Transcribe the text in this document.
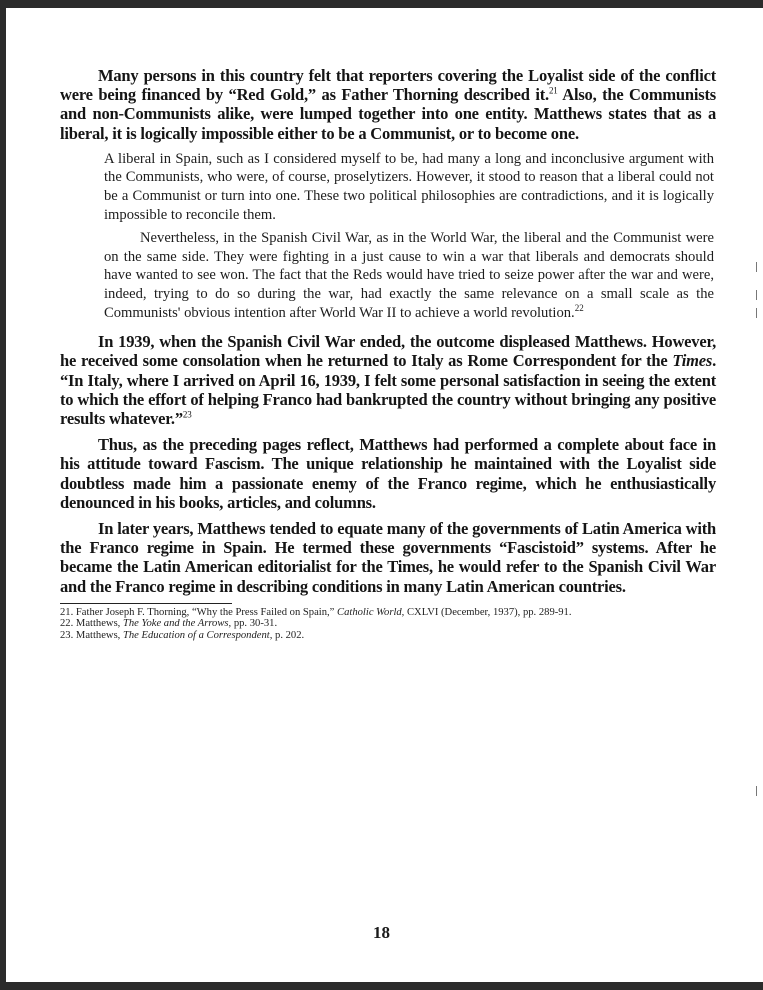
Many persons in this country felt that reporters covering the Loyalist side of the conflict were being financed by “Red Gold,” as Father Thorning described it.$^{21}$ Also, the Communists and non-Communists alike, were lumped together into one entity. Matthews states that as a liberal, it is logically impossible either to be a Communist, or to become one.

A liberal in Spain, such as I considered myself to be, had many a long and inconclusive argument with the Communists, who were, of course, proselytizers. However, it stood to reason that a liberal could not be a Communist or turn into one. These two political philosophies are contradictions, and it is logically impossible to reconcile them.

Nevertheless, in the Spanish Civil War, as in the World War, the liberal and the Communist were on the same side. They were fighting in a just cause to win a war that liberals and democrats should have wanted to see won. The fact that the Reds would have tried to seize power after the war and were, indeed, trying to do so during the war, had exactly the same relevance on a small scale as the Communists' obvious intention after World War II to achieve a world revolution.$^{22}$

In 1939, when the Spanish Civil War ended, the outcome displeased Matthews. However, he received some consolation when he returned to Italy as Rome Correspondent for the Times. “In Italy, where I arrived on April 16, 1939, I felt some personal satisfaction in seeing the extent to which the effort of helping Franco had bankrupted the country without bringing any positive results whatever.”$^{23}$

Thus, as the preceding pages reflect, Matthews had performed a complete about face in his attitude toward Fascism. The unique relationship he maintained with the Loyalist side doubtless made him a passionate enemy of the Franco regime, which he enthusiastically denounced in his books, articles, and columns.

In later years, Matthews tended to equate many of the governments of Latin America with the Franco regime in Spain. He termed these governments “Fascistoid” systems. After he became the Latin American editorialist for the Times, he would refer to the Spanish Civil War and the Franco regime in describing conditions in many Latin American countries.

21. Father Joseph F. Thorning, “Why the Press Failed on Spain,” Catholic World, CXLVI (December, 1937), pp. 289-91.

22. Matthews, The Yoke and the Arrows, pp. 30-31.

23. Matthews, The Education of a Correspondent, p. 202.

18
